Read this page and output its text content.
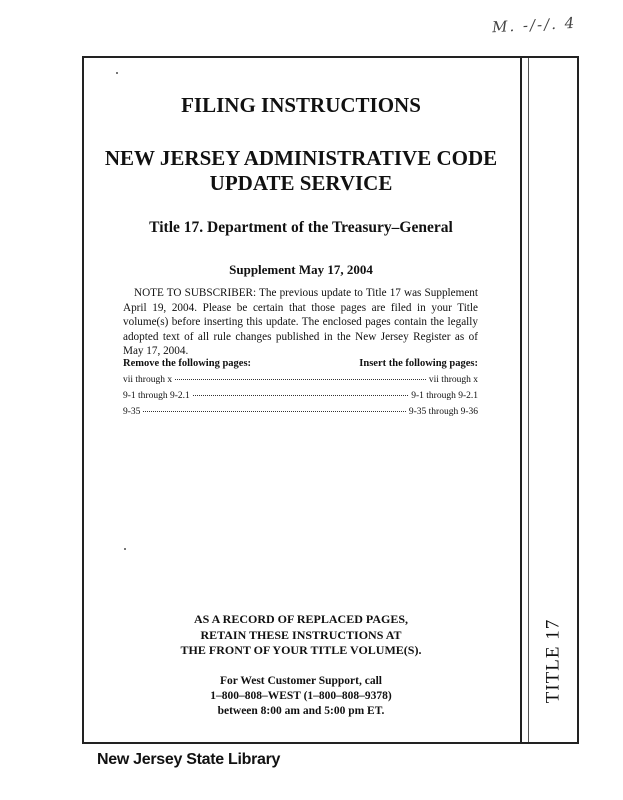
M. -/-/. 4
TITLE 17
FILING INSTRUCTIONS
NEW JERSEY ADMINISTRATIVE CODE
UPDATE SERVICE
Title 17. Department of the Treasury–General
Supplement May 17, 2004
NOTE TO SUBSCRIBER: The previous update to Title 17 was Supplement April 19, 2004. Please be certain that those pages are filed in your Title volume(s) before inserting this update. The enclosed pages contain the legally adopted text of all rule changes published in the New Jersey Register as of May 17, 2004.
Remove the following pages:	Insert the following pages:
vii through x	vii through x
9-1 through 9-2.1	9-1 through 9-2.1
9-35	9-35 through 9-36
AS A RECORD OF REPLACED PAGES,
RETAIN THESE INSTRUCTIONS AT
THE FRONT OF YOUR TITLE VOLUME(S).
For West Customer Support, call
1–800–808–WEST (1–800–808–9378)
between 8:00 am and 5:00 pm ET.
New Jersey State Library
